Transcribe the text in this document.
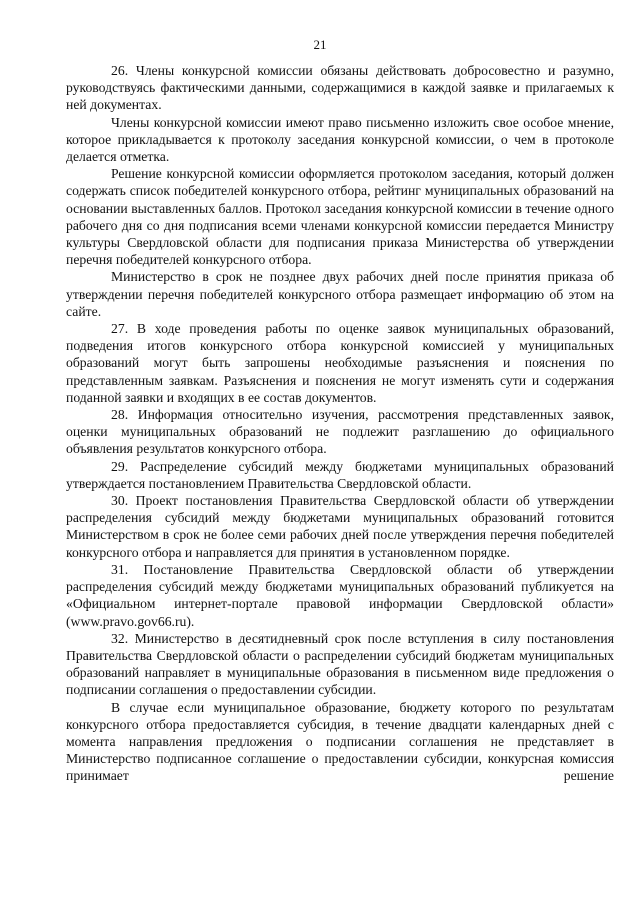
21

26. Члены конкурсной комиссии обязаны действовать добросовестно и разумно, руководствуясь фактическими данными, содержащимися в каждой заявке и прилагаемых к ней документах.

Члены конкурсной комиссии имеют право письменно изложить свое особое мнение, которое прикладывается к протоколу заседания конкурсной комиссии, о чем в протоколе делается отметка.

Решение конкурсной комиссии оформляется протоколом заседания, который должен содержать список победителей конкурсного отбора, рейтинг муниципальных образований на основании выставленных баллов. Протокол заседания конкурсной комиссии в течение одного рабочего дня со дня подписания всеми членами конкурсной комиссии передается Министру культуры Свердловской области для подписания приказа Министерства об утверждении перечня победителей конкурсного отбора.

Министерство в срок не позднее двух рабочих дней после принятия приказа об утверждении перечня победителей конкурсного отбора размещает информацию об этом на сайте.

27. В ходе проведения работы по оценке заявок муниципальных образований, подведения итогов конкурсного отбора конкурсной комиссией у муниципальных образований могут быть запрошены необходимые разъяснения и пояснения по представленным заявкам. Разъяснения и пояснения не могут изменять сути и содержания поданной заявки и входящих в ее состав документов.

28. Информация относительно изучения, рассмотрения представленных заявок, оценки муниципальных образований не подлежит разглашению до официального объявления результатов конкурсного отбора.

29. Распределение субсидий между бюджетами муниципальных образований утверждается постановлением Правительства Свердловской области.

30. Проект постановления Правительства Свердловской области об утверждении распределения субсидий между бюджетами муниципальных образований готовится Министерством в срок не более семи рабочих дней после утверждения перечня победителей конкурсного отбора и направляется для принятия в установленном порядке.

31. Постановление Правительства Свердловской области об утверждении распределения субсидий между бюджетами муниципальных образований публикуется на «Официальном интернет-портале правовой информации Свердловской области» (www.pravo.gov66.ru).

32. Министерство в десятидневный срок после вступления в силу постановления Правительства Свердловской области о распределении субсидий бюджетам муниципальных образований направляет в муниципальные образования в письменном виде предложения о подписании соглашения о предоставлении субсидии.

В случае если муниципальное образование, бюджету которого по результатам конкурсного отбора предоставляется субсидия, в течение двадцати календарных дней с момента направления предложения о подписании соглашения не представляет в Министерство подписанное соглашение о предоставлении субсидии, конкурсная комиссия принимает решение
